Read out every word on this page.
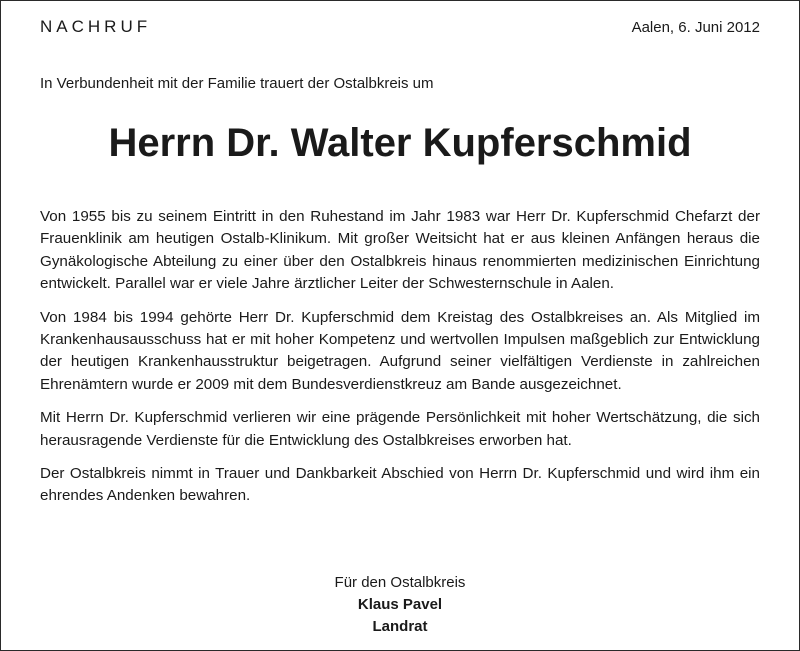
NACHRUF	Aalen, 6. Juni 2012
In Verbundenheit mit der Familie trauert der Ostalbkreis um
Herrn Dr. Walter Kupferschmid

Von 1955 bis zu seinem Eintritt in den Ruhestand im Jahr 1983 war Herr Dr. Kupferschmid Chefarzt der Frauenklinik am heutigen Ostalb-Klinikum. Mit großer Weitsicht hat er aus kleinen Anfängen heraus die Gynäkologische Abteilung zu einer über den Ostalbkreis hinaus renommierten medizinischen Einrichtung entwickelt. Parallel war er viele Jahre ärztlicher Leiter der Schwesternschule in Aalen.

Von 1984 bis 1994 gehörte Herr Dr. Kupferschmid dem Kreistag des Ostalbkreises an. Als Mitglied im Krankenhausausschuss hat er mit hoher Kompetenz und wertvollen Impulsen maßgeblich zur Entwicklung der heutigen Krankenhausstruktur beigetragen. Aufgrund seiner vielfältigen Verdienste in zahlreichen Ehrenämtern wurde er 2009 mit dem Bundesverdienstkreuz am Bande ausgezeichnet.

Mit Herrn Dr. Kupferschmid verlieren wir eine prägende Persönlichkeit mit hoher Wertschätzung, die sich herausragende Verdienste für die Entwicklung des Ostalbkreises erworben hat.

Der Ostalbkreis nimmt in Trauer und Dankbarkeit Abschied von Herrn Dr. Kupferschmid und wird ihm ein ehrendes Andenken bewahren.

Für den Ostalbkreis
Klaus Pavel
Landrat
